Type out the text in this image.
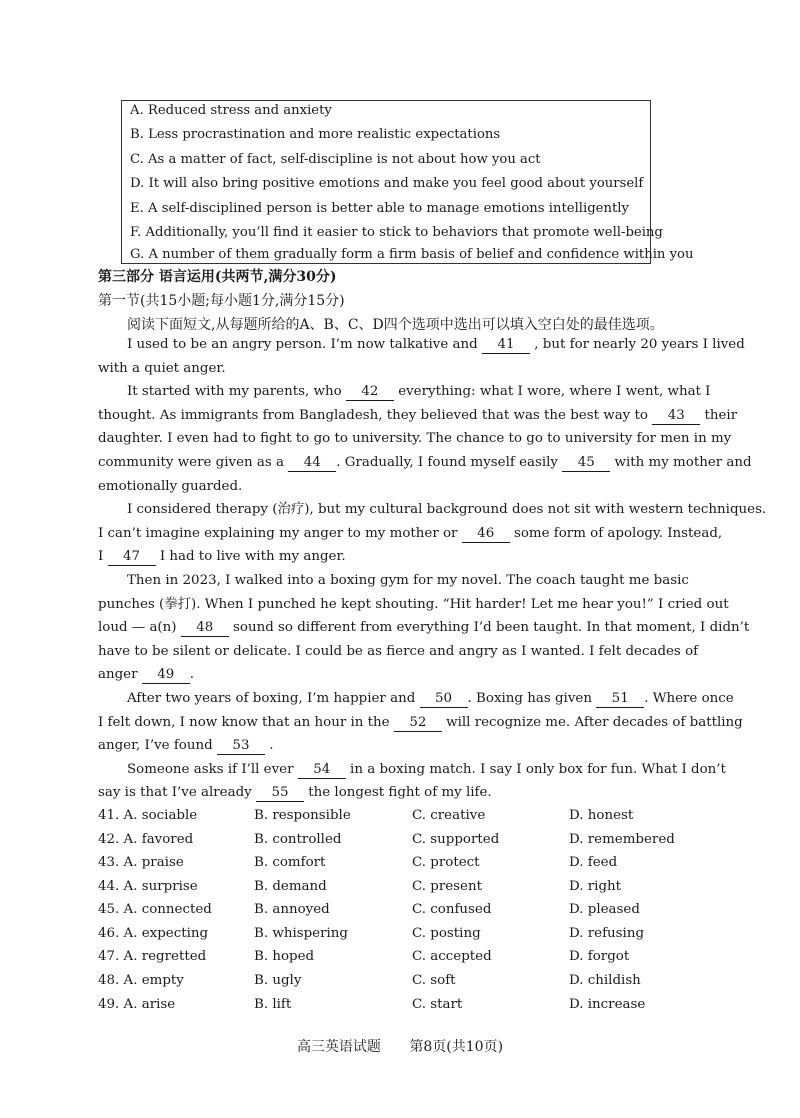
A. Reduced stress and anxiety
B. Less procrastination and more realistic expectations
C. As a matter of fact, self-discipline is not about how you act
D. It will also bring positive emotions and make you feel good about yourself
E. A self-disciplined person is better able to manage emotions intelligently
F. Additionally, you’ll find it easier to stick to behaviors that promote well-being
G. A number of them gradually form a firm basis of belief and confidence within you
第三部分 语言运用(共两节,满分30分)
第一节(共15小题;每小题1分,满分15分)
阅读下面短文,从每题所给的A、B、C、D四个选项中选出可以填入空白处的最佳选项。
I used to be an angry person. I’m now talkative and 41 , but for nearly 20 years I lived
with a quiet anger.
It started with my parents, who 42 everything: what I wore, where I went, what I
thought. As immigrants from Bangladesh, they believed that was the best way to 43 their
daughter. I even had to fight to go to university. The chance to go to university for men in my
community were given as a 44 . Gradually, I found myself easily 45 with my mother and
emotionally guarded.
I considered therapy (治疗), but my cultural background does not sit with western techniques.
I can’t imagine explaining my anger to my mother or 46 some form of apology. Instead,
I 47 I had to live with my anger.
Then in 2023, I walked into a boxing gym for my novel. The coach taught me basic
punches (拳打). When I punched he kept shouting. “Hit harder! Let me hear you!” I cried out
loud — a(n) 48 sound so different from everything I’d been taught. In that moment, I didn’t
have to be silent or delicate. I could be as fierce and angry as I wanted. I felt decades of
anger 49 .
After two years of boxing, I’m happier and 50 . Boxing has given 51 . Where once
I felt down, I now know that an hour in the 52 will recognize me. After decades of battling
anger, I’ve found 53 .
Someone asks if I’ll ever 54 in a boxing match. I say I only box for fun. What I don’t
say is that I’ve already 55 the longest fight of my life.
41. A. sociable	B. responsible	C. creative	D. honest
42. A. favored	B. controlled	C. supported	D. remembered
43. A. praise	B. comfort	C. protect	D. feed
44. A. surprise	B. demand	C. present	D. right
45. A. connected	B. annoyed	C. confused	D. pleased
46. A. expecting	B. whispering	C. posting	D. refusing
47. A. regretted	B. hoped	C. accepted	D. forgot
48. A. empty	B. ugly	C. soft	D. childish
49. A. arise	B. lift	C. start	D. increase
高三英语试题 第8页(共10页)
